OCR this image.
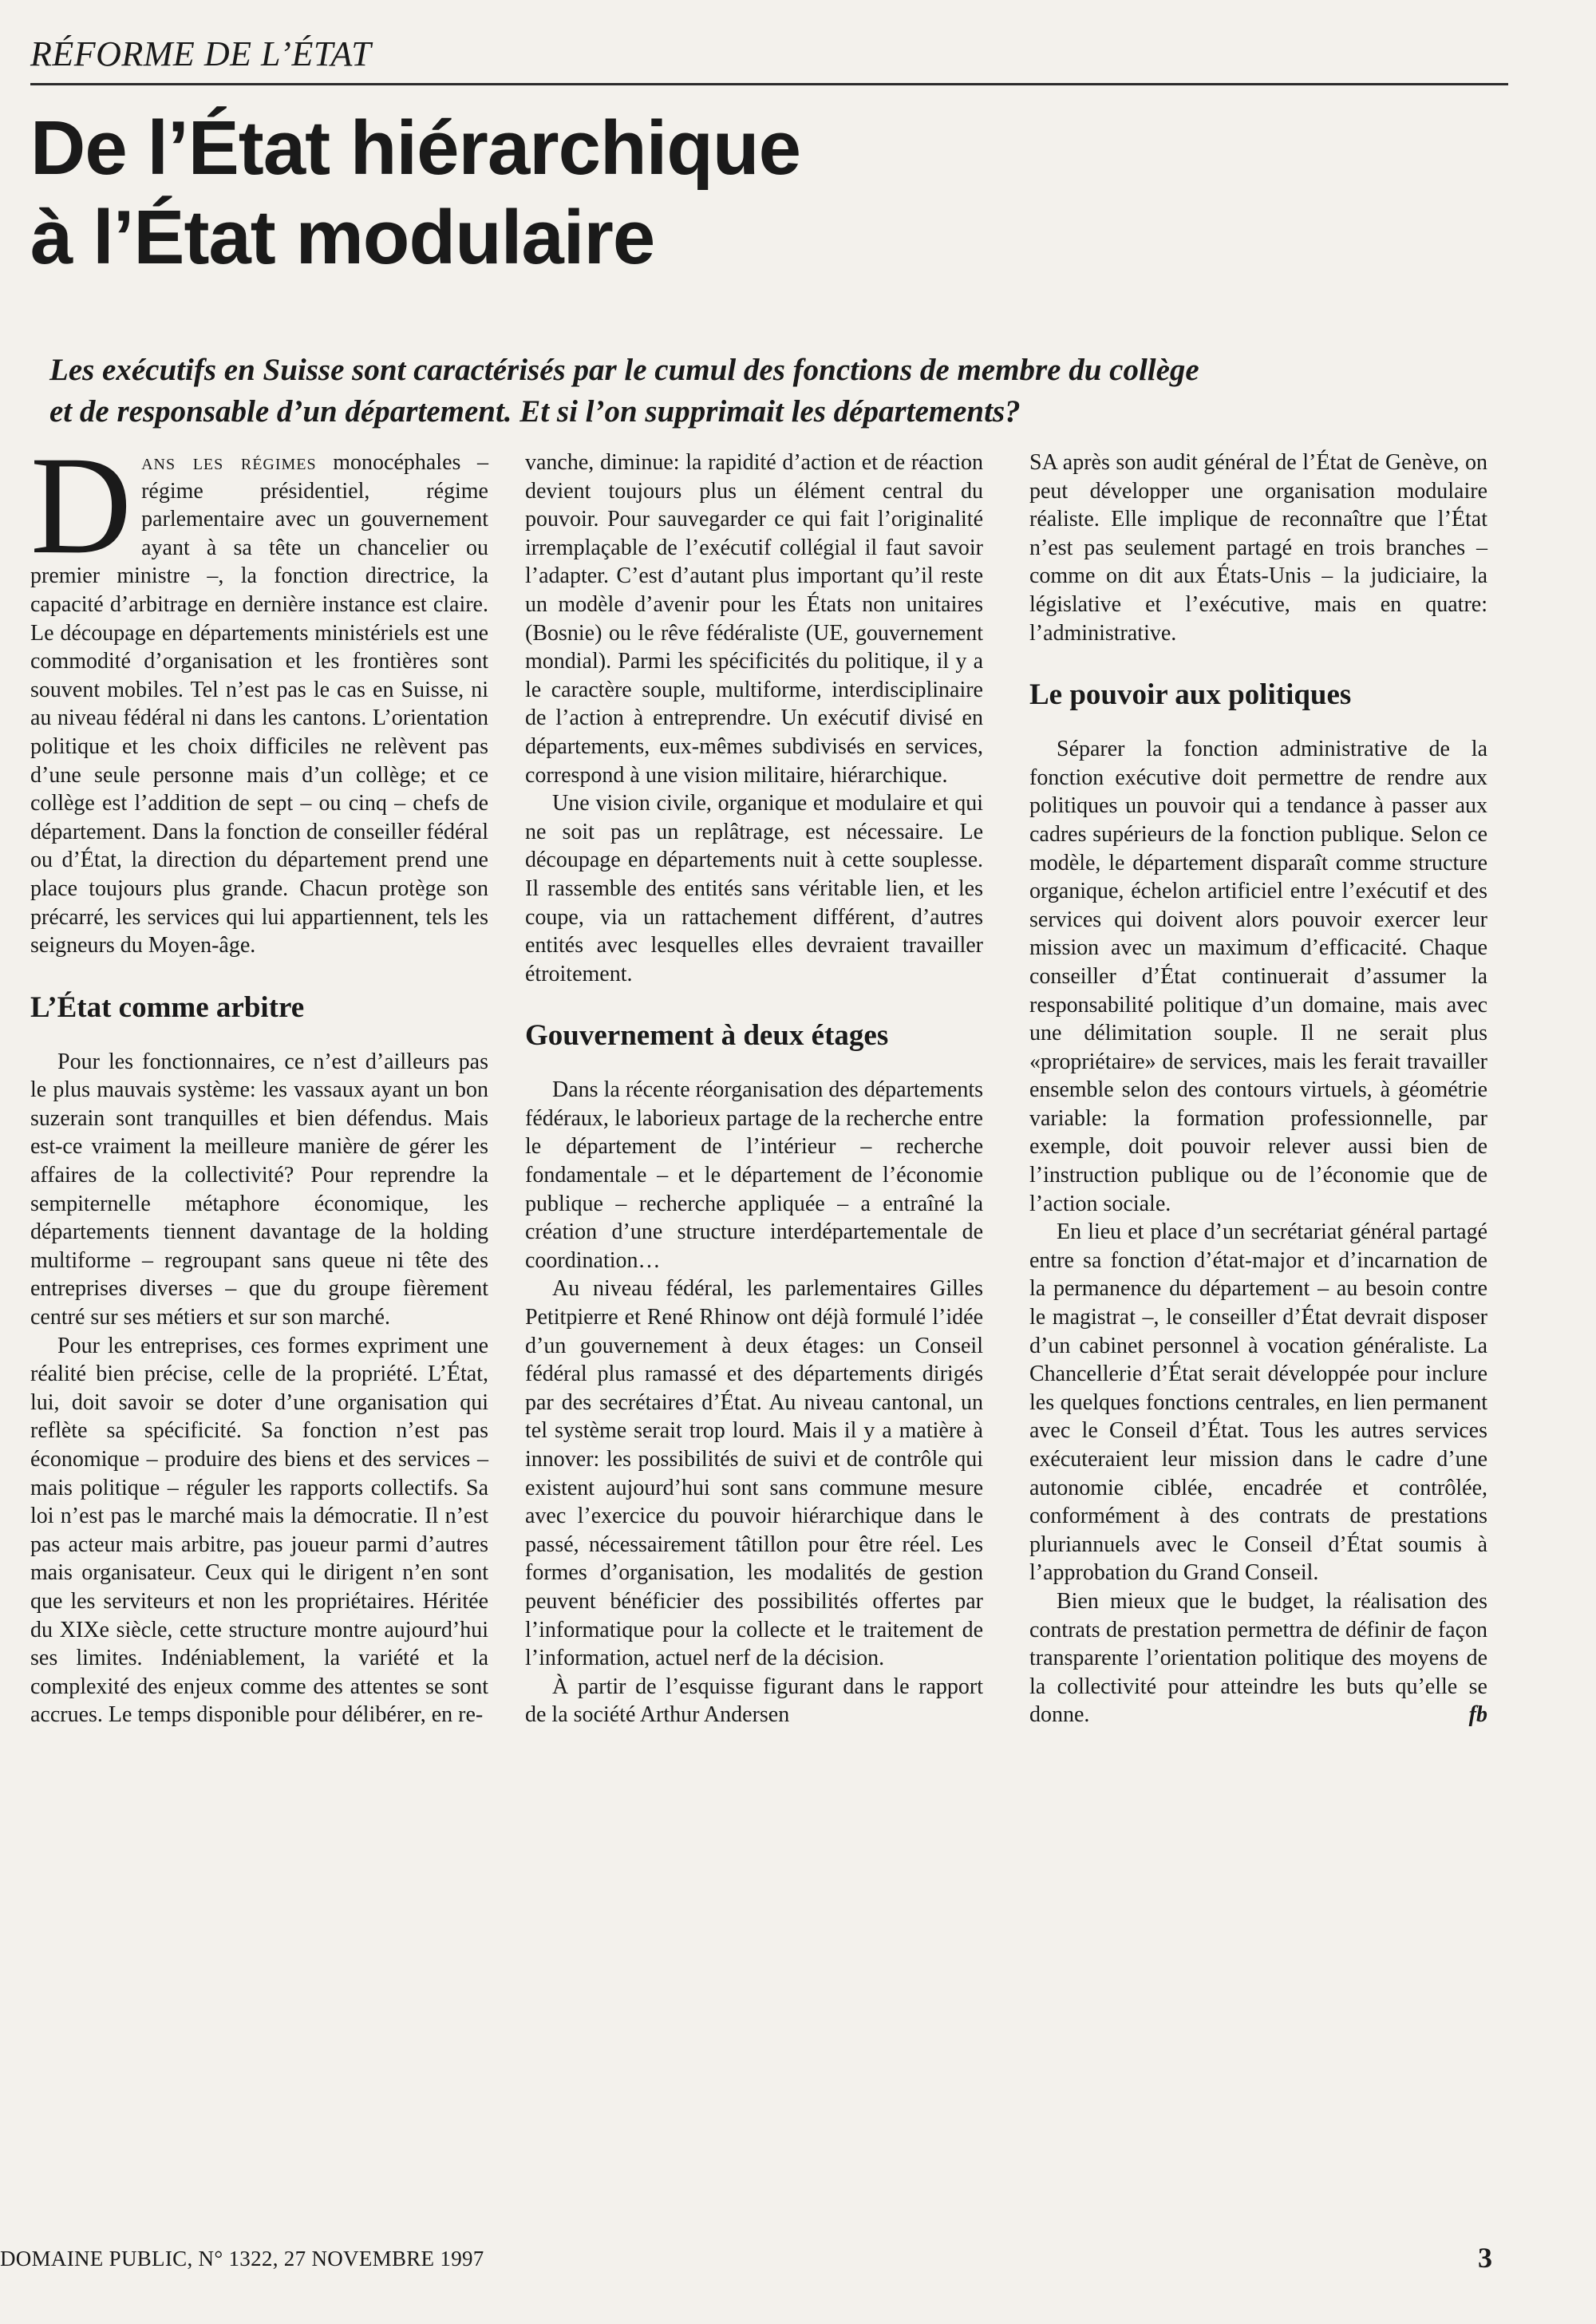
RÉFORME DE L’ÉTAT
De l’État hiérarchique
à l’État modulaire
Les exécutifs en Suisse sont caractérisés par le cumul des fonctions de membre du collège
et de responsable d’un département. Et si l’on supprimait les départements?

Dans les régimes monocéphales – régime présidentiel, régime parlementaire avec un gouvernement ayant à sa tête un chancelier ou premier ministre –, la fonction directrice, la capacité d’arbitrage en dernière instance est claire. Le découpage en départements ministériels est une commodité d’organisation et les frontières sont souvent mobiles. Tel n’est pas le cas en Suisse, ni au niveau fédéral ni dans les cantons. L’orientation politique et les choix difficiles ne relèvent pas d’une seule personne mais d’un collège; et ce collège est l’addition de sept – ou cinq – chefs de département. Dans la fonction de conseiller fédéral ou d’État, la direction du département prend une place toujours plus grande. Chacun protège son précarré, les services qui lui appartiennent, tels les seigneurs du Moyen-âge.

L’État comme arbitre

Pour les fonctionnaires, ce n’est d’ailleurs pas le plus mauvais système: les vassaux ayant un bon suzerain sont tranquilles et bien défendus. Mais est-ce vraiment la meilleure manière de gérer les affaires de la collectivité? Pour reprendre la sempiternelle métaphore économique, les départements tiennent davantage de la holding multiforme – regroupant sans queue ni tête des entreprises diverses – que du groupe fièrement centré sur ses métiers et sur son marché.

Pour les entreprises, ces formes expriment une réalité bien précise, celle de la propriété. L’État, lui, doit savoir se doter d’une organisation qui reflète sa spécificité. Sa fonction n’est pas économique – produire des biens et des services – mais politique – réguler les rapports collectifs. Sa loi n’est pas le marché mais la démocratie. Il n’est pas acteur mais arbitre, pas joueur parmi d’autres mais organisateur. Ceux qui le dirigent n’en sont que les serviteurs et non les propriétaires. Héritée du XIXe siècle, cette structure montre aujourd’hui ses limites. Indéniablement, la variété et la complexité des enjeux comme des attentes se sont accrues. Le temps disponible pour délibérer, en re-

vanche, diminue: la rapidité d’action et de réaction devient toujours plus un élément central du pouvoir. Pour sauvegarder ce qui fait l’originalité irremplaçable de l’exécutif collégial il faut savoir l’adapter. C’est d’autant plus important qu’il reste un modèle d’avenir pour les États non unitaires (Bosnie) ou le rêve fédéraliste (UE, gouvernement mondial). Parmi les spécificités du politique, il y a le caractère souple, multiforme, interdisciplinaire de l’action à entreprendre. Un exécutif divisé en départements, eux-mêmes subdivisés en services, correspond à une vision militaire, hiérarchique.

Une vision civile, organique et modulaire et qui ne soit pas un replâtrage, est nécessaire. Le découpage en départements nuit à cette souplesse. Il rassemble des entités sans véritable lien, et les coupe, via un rattachement différent, d’autres entités avec lesquelles elles devraient travailler étroitement.

Gouvernement à deux étages

Dans la récente réorganisation des départements fédéraux, le laborieux partage de la recherche entre le département de l’intérieur – recherche fondamentale – et le département de l’économie publique – recherche appliquée – a entraîné la création d’une structure interdépartementale de coordination…

Au niveau fédéral, les parlementaires Gilles Petitpierre et René Rhinow ont déjà formulé l’idée d’un gouvernement à deux étages: un Conseil fédéral plus ramassé et des départements dirigés par des secrétaires d’État. Au niveau cantonal, un tel système serait trop lourd. Mais il y a matière à innover: les possibilités de suivi et de contrôle qui existent aujourd’hui sont sans commune mesure avec l’exercice du pouvoir hiérarchique dans le passé, nécessairement tâtillon pour être réel. Les formes d’organisation, les modalités de gestion peuvent bénéficier des possibilités offertes par l’informatique pour la collecte et le traitement de l’information, actuel nerf de la décision.

À partir de l’esquisse figurant dans le rapport de la société Arthur Andersen

SA après son audit général de l’État de Genève, on peut développer une organisation modulaire réaliste. Elle implique de reconnaître que l’État n’est pas seulement partagé en trois branches – comme on dit aux États-Unis – la judiciaire, la législative et l’exécutive, mais en quatre: l’administrative.

Le pouvoir aux politiques

Séparer la fonction administrative de la fonction exécutive doit permettre de rendre aux politiques un pouvoir qui a tendance à passer aux cadres supérieurs de la fonction publique. Selon ce modèle, le département disparaît comme structure organique, échelon artificiel entre l’exécutif et des services qui doivent alors pouvoir exercer leur mission avec un maximum d’efficacité. Chaque conseiller d’État continuerait d’assumer la responsabilité politique d’un domaine, mais avec une délimitation souple. Il ne serait plus «propriétaire» de services, mais les ferait travailler ensemble selon des contours virtuels, à géométrie variable: la formation professionnelle, par exemple, doit pouvoir relever aussi bien de l’instruction publique ou de l’économie que de l’action sociale.

En lieu et place d’un secrétariat général partagé entre sa fonction d’état-major et d’incarnation de la permanence du département – au besoin contre le magistrat –, le conseiller d’État devrait disposer d’un cabinet personnel à vocation généraliste. La Chancellerie d’État serait développée pour inclure les quelques fonctions centrales, en lien permanent avec le Conseil d’État. Tous les autres services exécuteraient leur mission dans le cadre d’une autonomie ciblée, encadrée et contrôlée, conformément à des contrats de prestations pluriannuels avec le Conseil d’État soumis à l’approbation du Grand Conseil.

Bien mieux que le budget, la réalisation des contrats de prestation permettra de définir de façon transparente l’orientation politique des moyens de la collectivité pour atteindre les buts qu’elle se donne.	fb

DOMAINE PUBLIC, N° 1322, 27 NOVEMBRE 1997	3
